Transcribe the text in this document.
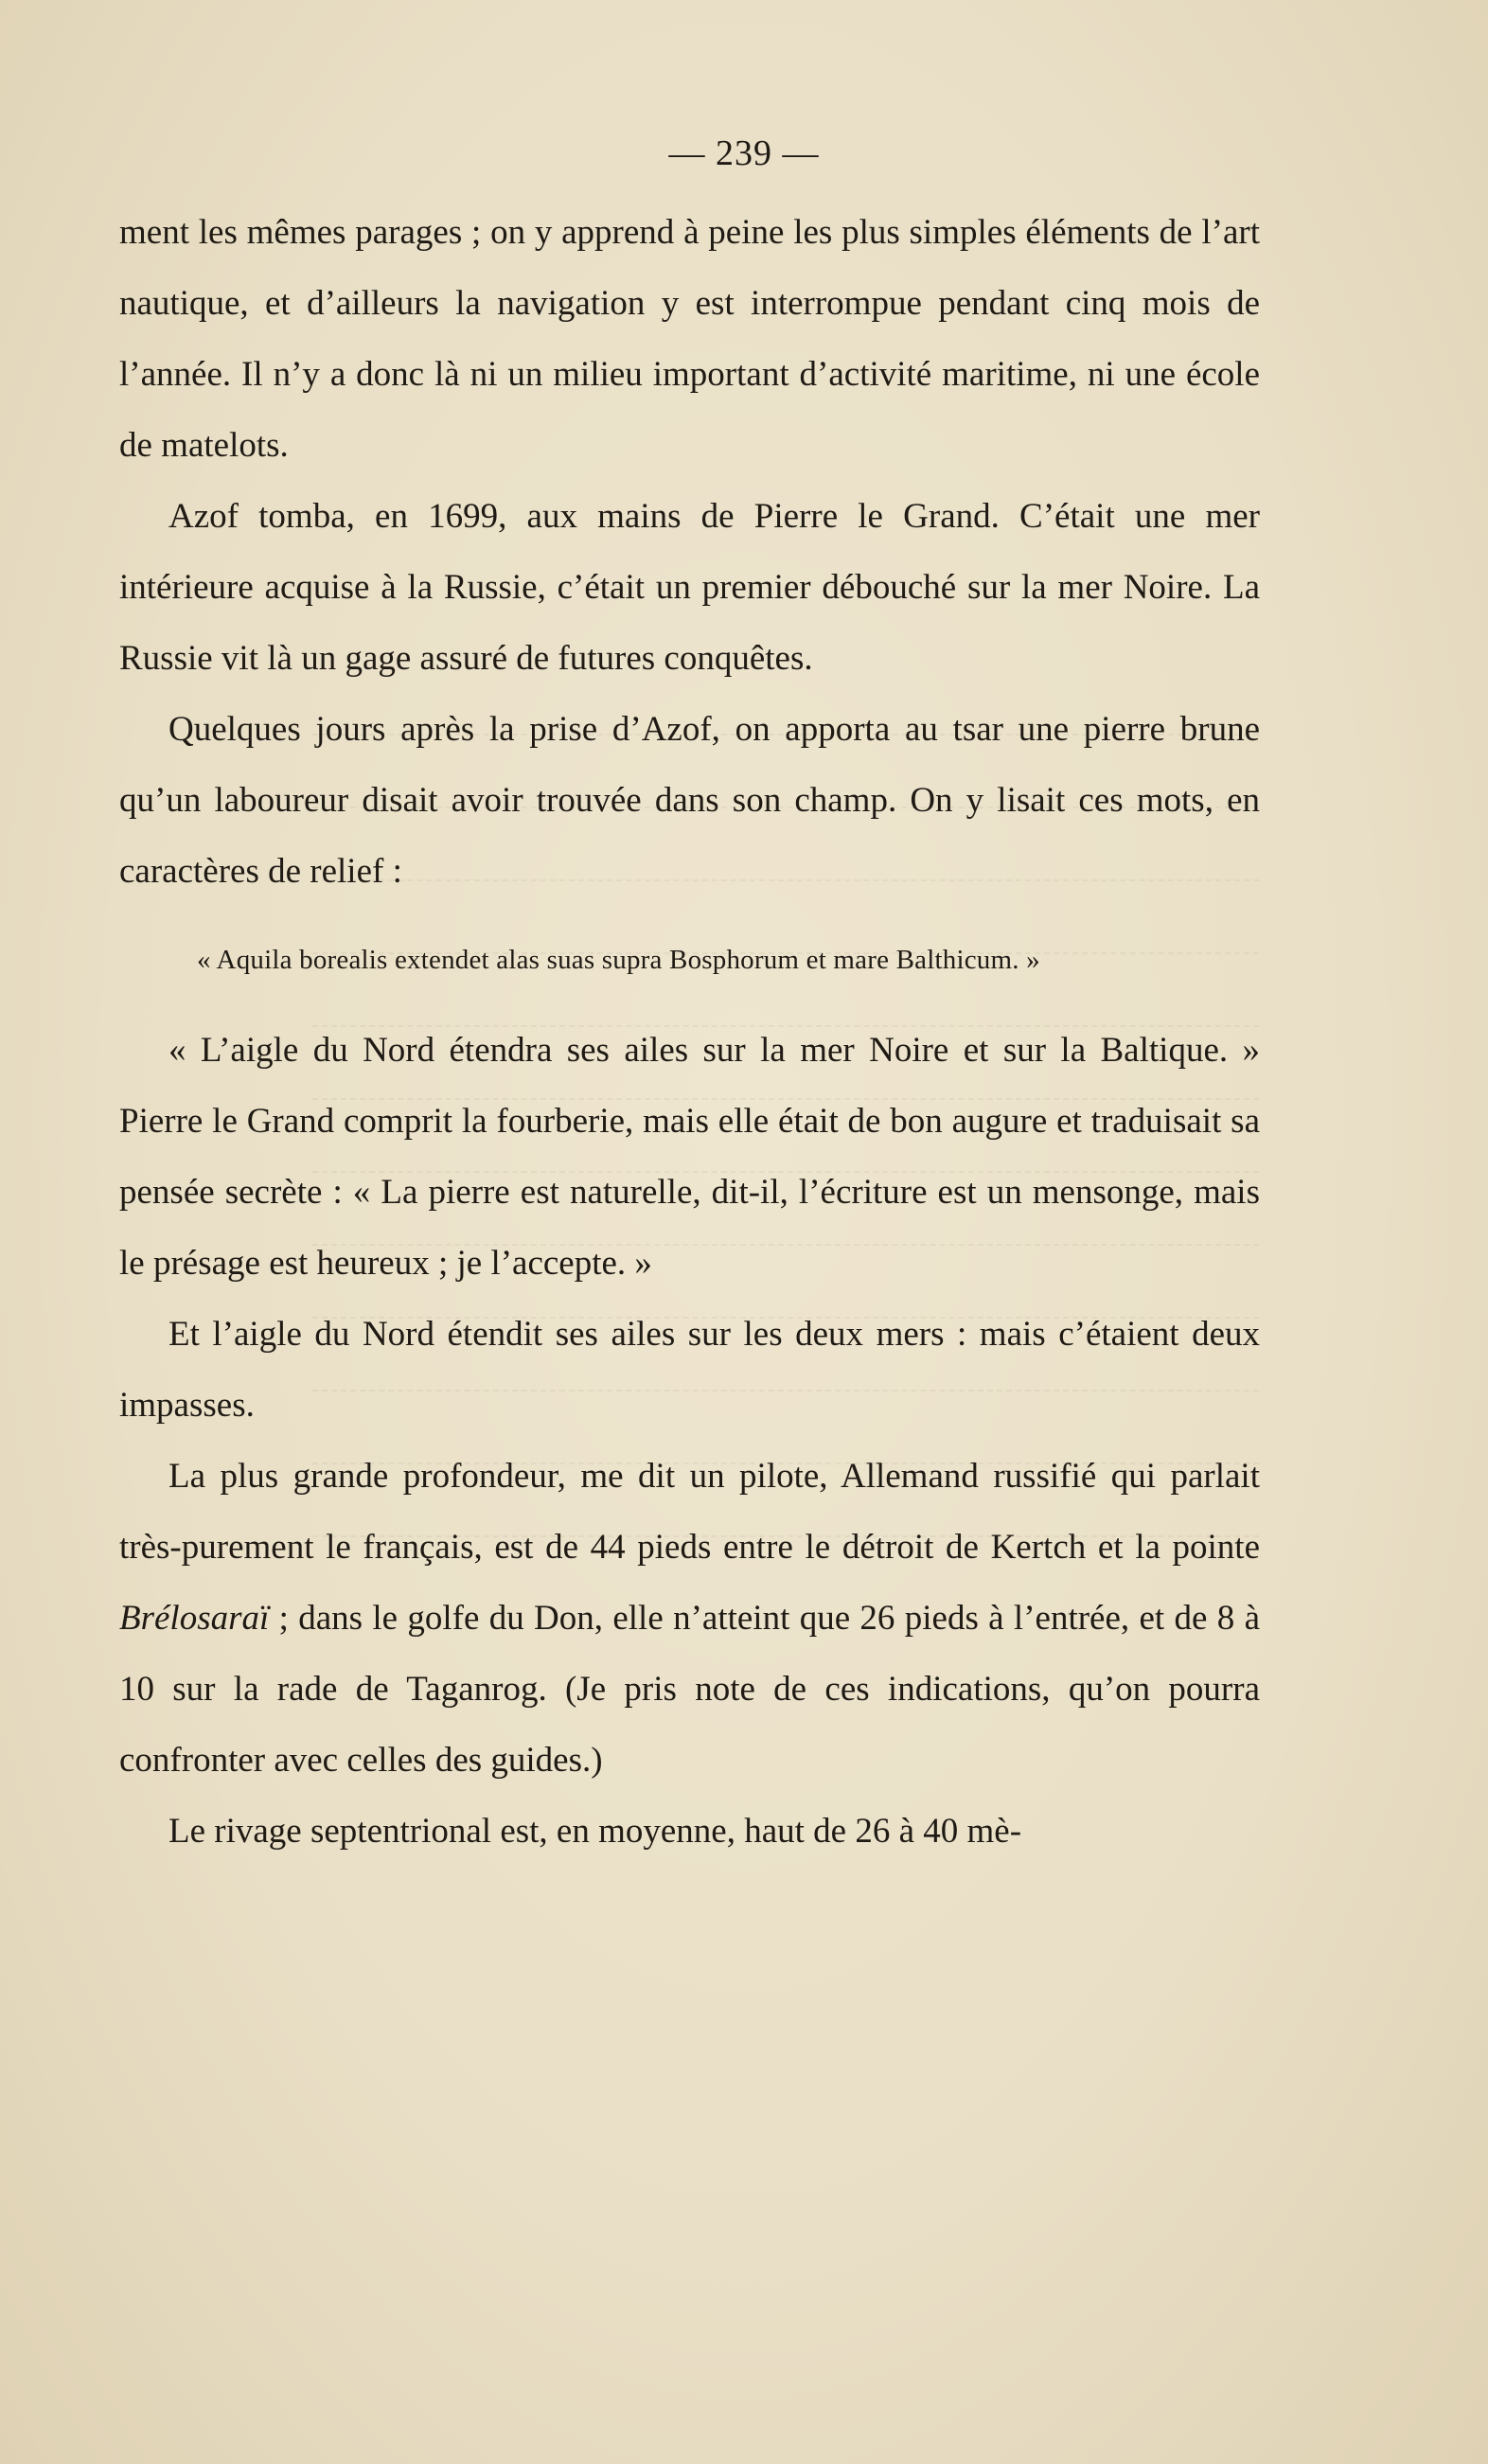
— 239 —

ment les mêmes parages ; on y apprend à peine les plus simples éléments de l’art nautique, et d’ailleurs la navigation y est interrompue pendant cinq mois de l’année. Il n’y a donc là ni un milieu important d’activité maritime, ni une école de matelots.

Azof tomba, en 1699, aux mains de Pierre le Grand. C’était une mer intérieure acquise à la Russie, c’était un premier débouché sur la mer Noire. La Russie vit là un gage assuré de futures conquêtes.

Quelques jours après la prise d’Azof, on apporta au tsar une pierre brune qu’un laboureur disait avoir trouvée dans son champ. On y lisait ces mots, en caractères de relief :

« Aquila borealis extendet alas suas supra Bosphorum et mare Balthicum. »

« L’aigle du Nord étendra ses ailes sur la mer Noire et sur la Baltique. » Pierre le Grand comprit la fourberie, mais elle était de bon augure et traduisait sa pensée secrète : « La pierre est naturelle, dit-il, l’écriture est un mensonge, mais le présage est heureux ; je l’accepte. »

Et l’aigle du Nord étendit ses ailes sur les deux mers : mais c’étaient deux impasses.

La plus grande profondeur, me dit un pilote, Allemand russifié qui parlait très-purement le français, est de 44 pieds entre le détroit de Kertch et la pointe Brélosaraï ; dans le golfe du Don, elle n’atteint que 26 pieds à l’entrée, et de 8 à 10 sur la rade de Taganrog. (Je pris note de ces indications, qu’on pourra confronter avec celles des guides.)

Le rivage septentrional est, en moyenne, haut de 26 à 40 mè-
